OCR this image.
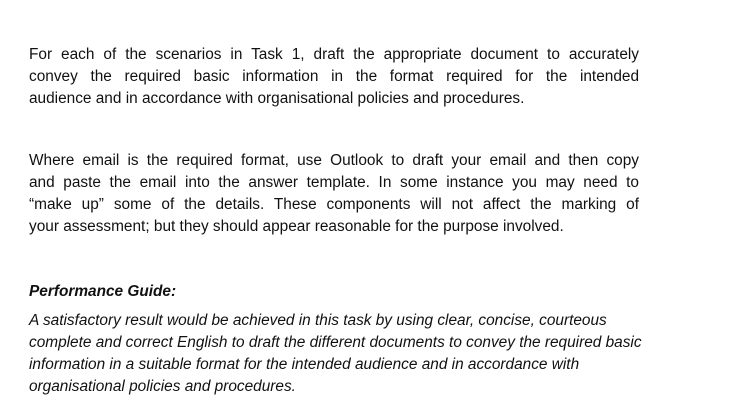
For each of the scenarios in Task 1, draft the appropriate document to accurately

convey the required basic information in the format required for the intended

audience and in accordance with organisational policies and procedures.

Where email is the required format, use Outlook to draft your email and then copy

and paste the email into the answer template. In some instance you may need to

“make up” some of the details. These components will not affect the marking of

your assessment; but they should appear reasonable for the purpose involved.

Performance Guide:

A satisfactory result would be achieved in this task by using clear, concise, courteous

complete and correct English to draft the different documents to convey the required basic

information in a suitable format for the intended audience and in accordance with

organisational policies and procedures.
